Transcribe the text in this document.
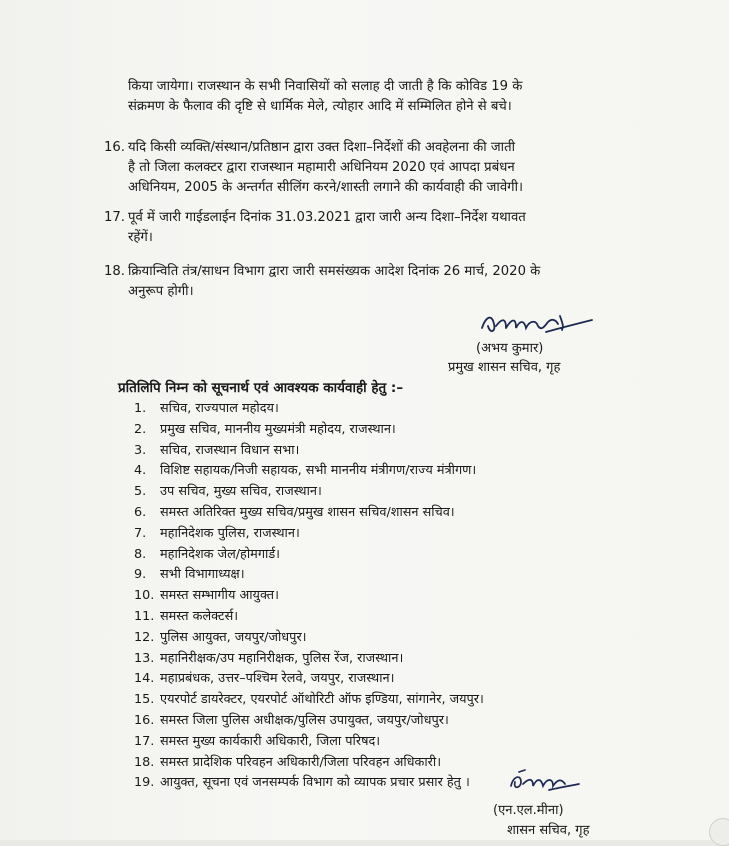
किया जायेगा। राजस्थान के सभी निवासियों को सलाह दी जाती है कि कोविड 19 के
संक्रमण के फैलाव की दृष्टि से धार्मिक मेले, त्योहार आदि में सम्मिलित होने से बचे।
16. यदि किसी व्यक्ति/संस्थान/प्रतिष्ठान द्वारा उक्त दिशा–निर्देशों की अवहेलना की जाती
है तो जिला कलक्टर द्वारा राजस्थान महामारी अधिनियम 2020 एवं आपदा प्रबंधन
अधिनियम, 2005 के अन्तर्गत सीलिंग करने/शास्ती लगाने की कार्यवाही की जावेगी।
17. पूर्व में जारी गाईडलाईन दिनांक 31.03.2021 द्वारा जारी अन्य दिशा–निर्देश यथावत
रहेंगें।
18. क्रियान्विति तंत्र/साधन विभाग द्वारा जारी समसंख्यक आदेश दिनांक 26 मार्च, 2020 के
अनुरूप होगी।
(अभय कुमार)
प्रमुख शासन सचिव, गृह
प्रतिलिपि निम्न को सूचनार्थ एवं आवश्यक कार्यवाही हेतु :–
1. सचिव, राज्यपाल महोदय।
2. प्रमुख सचिव, माननीय मुख्यमंत्री महोदय, राजस्थान।
3. सचिव, राजस्थान विधान सभा।
4. विशिष्ट सहायक/निजी सहायक, सभी माननीय मंत्रीगण/राज्य मंत्रीगण।
5. उप सचिव, मुख्य सचिव, राजस्थान।
6. समस्त अतिरिक्त मुख्य सचिव/प्रमुख शासन सचिव/शासन सचिव।
7. महानिदेशक पुलिस, राजस्थान।
8. महानिदेशक जेल/होमगार्ड।
9. सभी विभागाध्यक्ष।
10. समस्त सम्भागीय आयुक्त।
11. समस्त कलेक्टर्स।
12. पुलिस आयुक्त, जयपुर/जोधपुर।
13. महानिरीक्षक/उप महानिरीक्षक, पुलिस रेंज, राजस्थान।
14. महाप्रबंधक, उत्तर–पश्चिम रेलवे, जयपुर, राजस्थान।
15. एयरपोर्ट डायरेक्टर, एयरपोर्ट ऑथोरिटी ऑफ इण्डिया, सांगानेर, जयपुर।
16. समस्त जिला पुलिस अधीक्षक/पुलिस उपायुक्त, जयपुर/जोधपुर।
17. समस्त मुख्य कार्यकारी अधिकारी, जिला परिषद।
18. समस्त प्रादेशिक परिवहन अधिकारी/जिला परिवहन अधिकारी।
19. आयुक्त, सूचना एवं जनसम्पर्क विभाग को व्यापक प्रचार प्रसार हेतु ।
(एन.एल.मीना)
शासन सचिव, गृह
